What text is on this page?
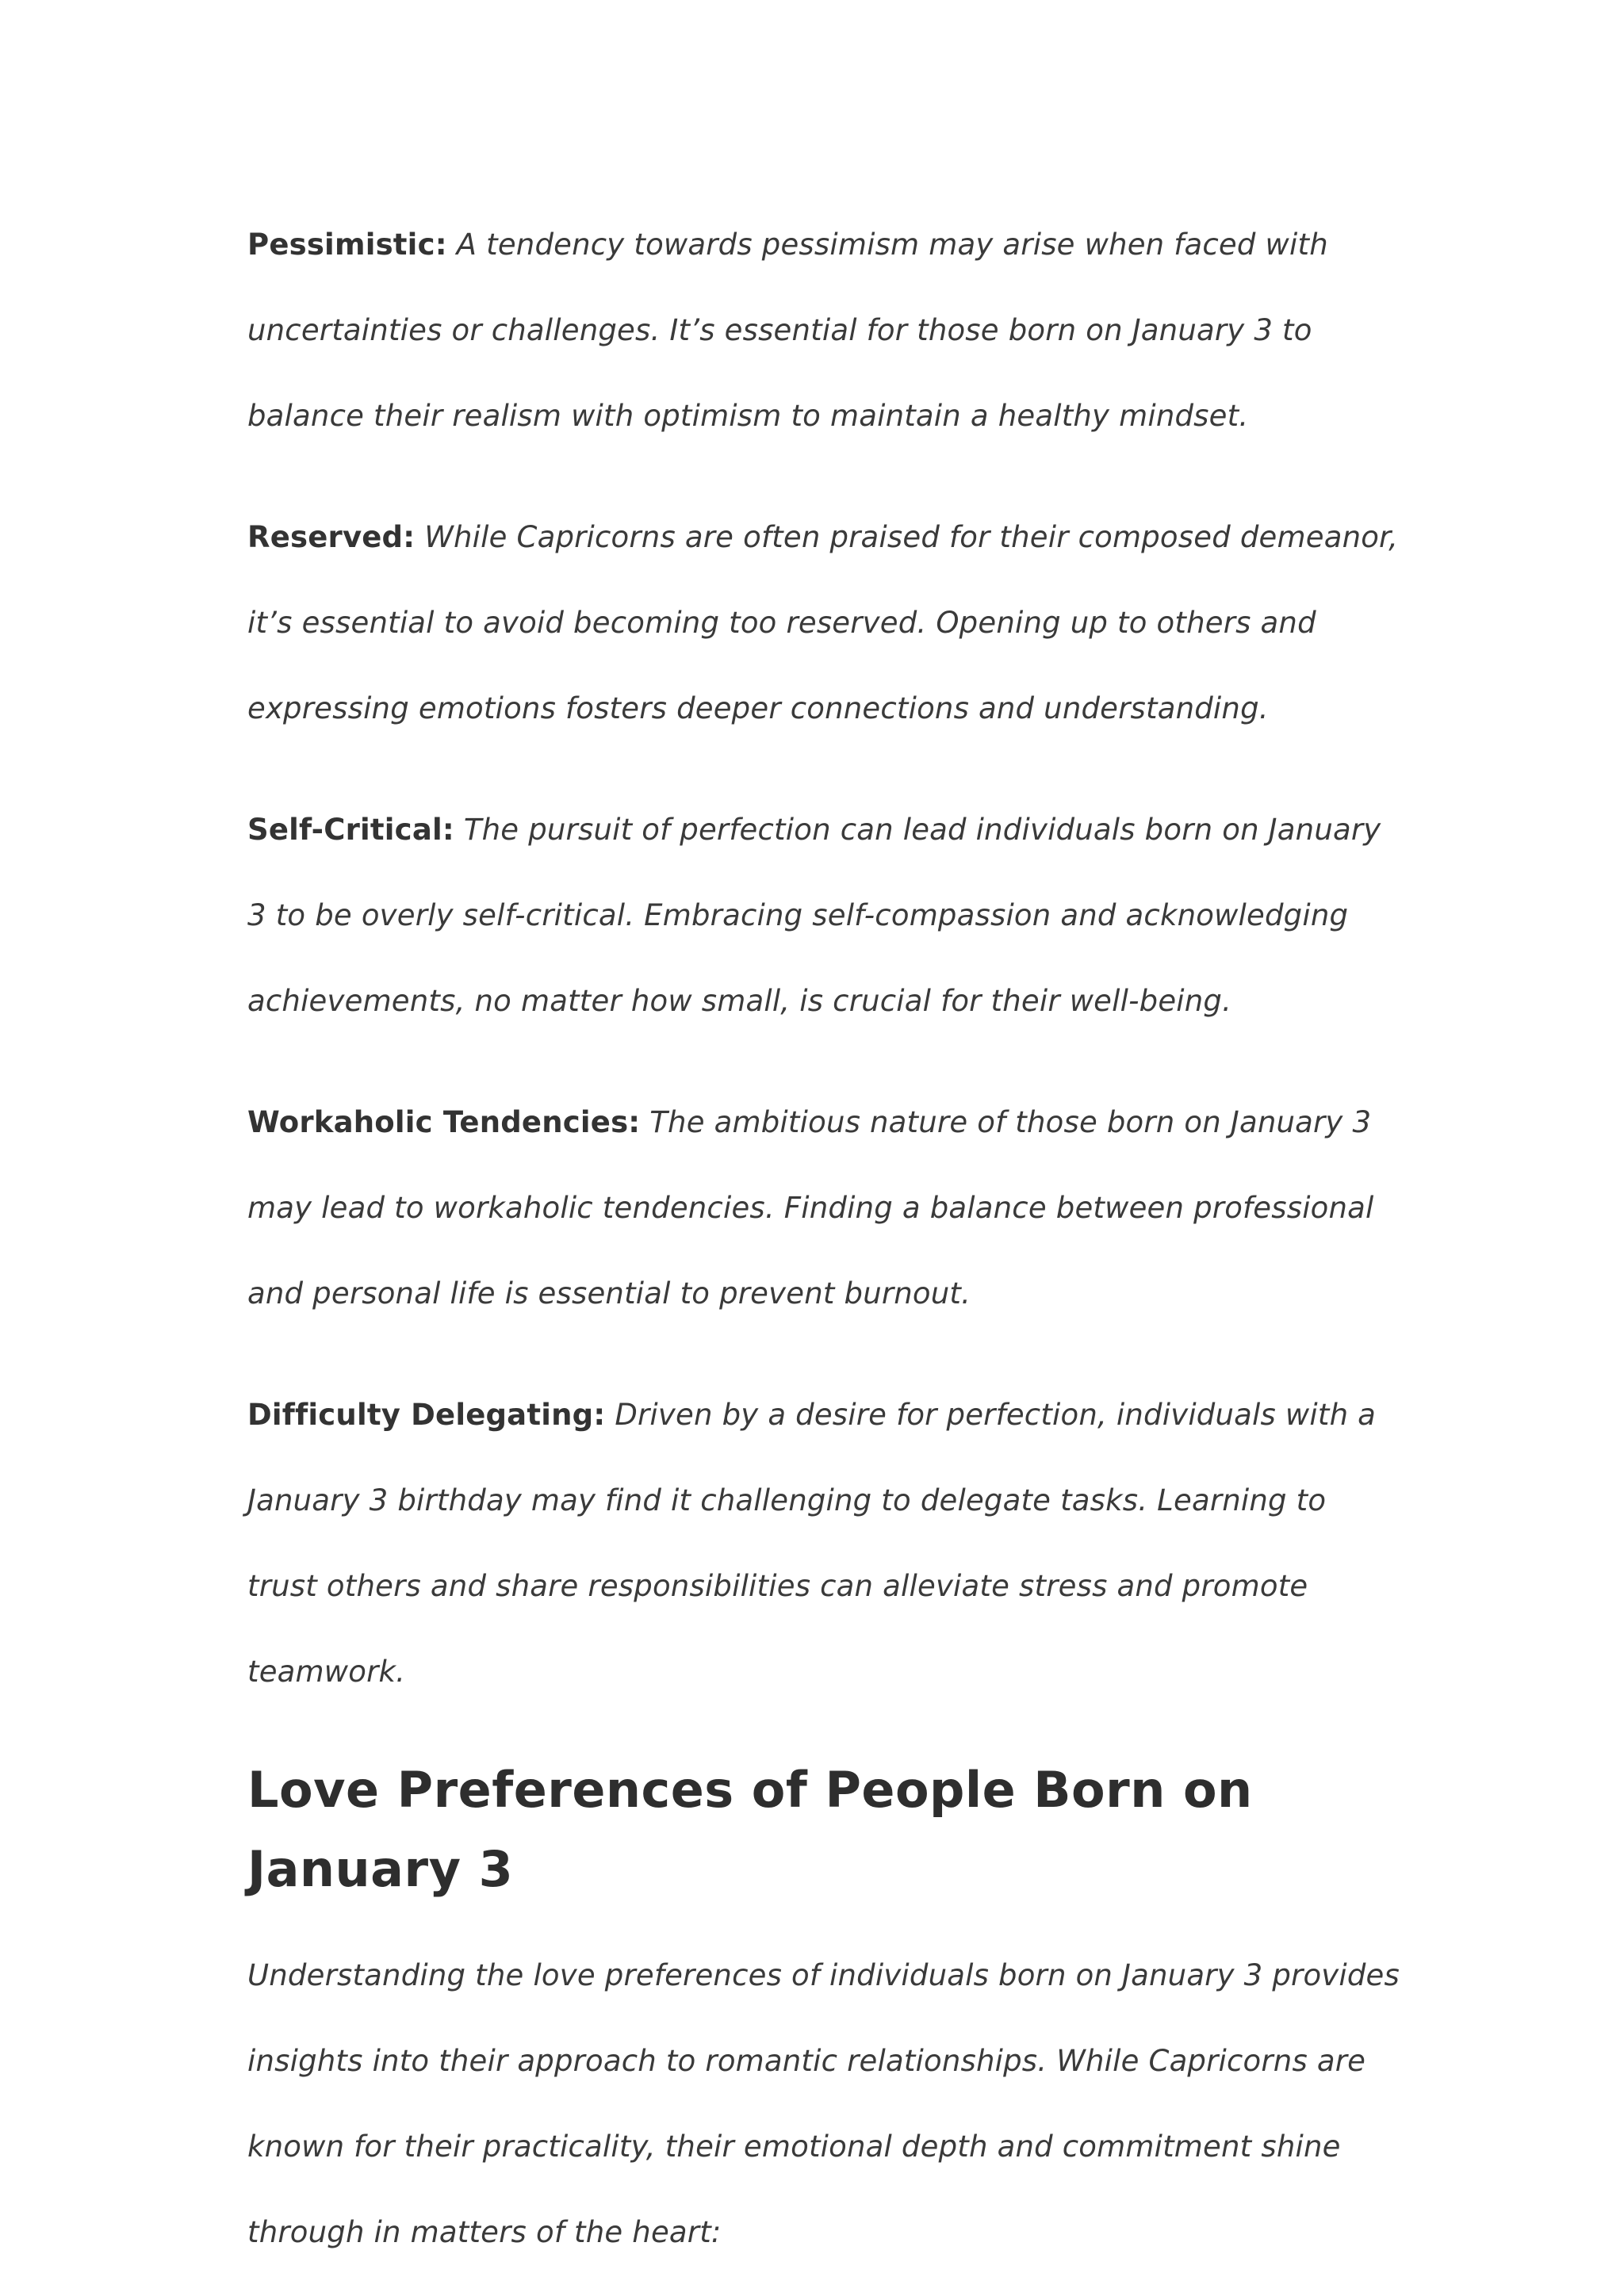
Pessimistic: A tendency towards pessimism may arise when faced with uncertainties or challenges. It’s essential for those born on January 3 to balance their realism with optimism to maintain a healthy mindset.

Reserved: While Capricorns are often praised for their composed demeanor, it’s essential to avoid becoming too reserved. Opening up to others and expressing emotions fosters deeper connections and understanding.

Self-Critical: The pursuit of perfection can lead individuals born on January 3 to be overly self-critical. Embracing self-compassion and acknowledging achievements, no matter how small, is crucial for their well-being.

Workaholic Tendencies: The ambitious nature of those born on January 3 may lead to workaholic tendencies. Finding a balance between professional and personal life is essential to prevent burnout.

Difficulty Delegating: Driven by a desire for perfection, individuals with a January 3 birthday may find it challenging to delegate tasks. Learning to trust others and share responsibilities can alleviate stress and promote teamwork.

Love Preferences of People Born on January 3

Understanding the love preferences of individuals born on January 3 provides insights into their approach to romantic relationships. While Capricorns are known for their practicality, their emotional depth and commitment shine through in matters of the heart:
